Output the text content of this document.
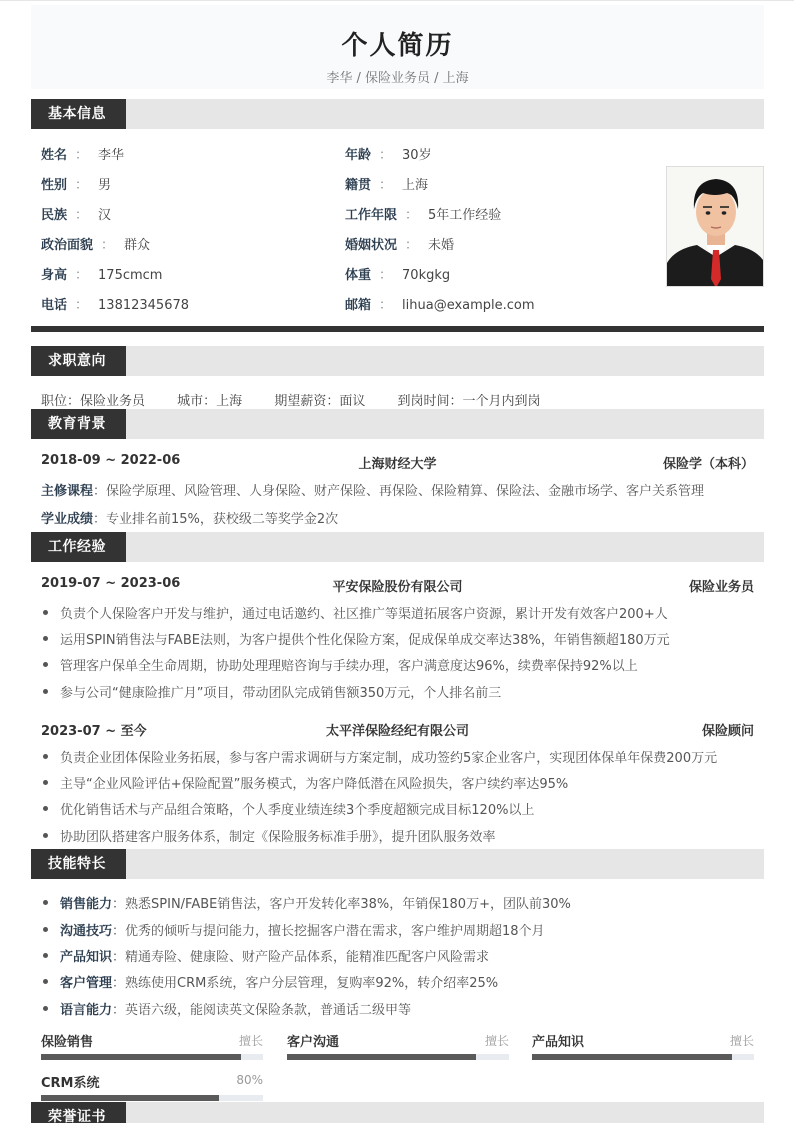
个人简历
李华 / 保险业务员 / 上海
基本信息
姓名 ： 李华
性别 ： 男
民族 ： 汉
政治面貌 ： 群众
身高 ： 175cmcm
电话 ： 13812345678
年龄 ： 30岁
籍贯 ： 上海
工作年限 ： 5年工作经验
婚姻状况 ： 未婚
体重 ： 70kgkg
邮箱 ： lihua@example.com
求职意向
职位：保险业务员 城市：上海 期望薪资：面议 到岗时间：一个月内到岗
教育背景
2018-09 ~ 2022-06	上海财经大学	保险学（本科）
主修课程：保险学原理、风险管理、人身保险、财产保险、再保险、保险精算、保险法、金融市场学、客户关系管理
学业成绩：专业排名前15%，获校级二等奖学金2次
工作经验
2019-07 ~ 2023-06	平安保险股份有限公司	保险业务员
负责个人保险客户开发与维护，通过电话邀约、社区推广等渠道拓展客户资源，累计开发有效客户200+人
运用SPIN销售法与FABE法则，为客户提供个性化保险方案，促成保单成交率达38%，年销售额超180万元
管理客户保单全生命周期，协助处理理赔咨询与手续办理，客户满意度达96%，续费率保持92%以上
参与公司“健康险推广月”项目，带动团队完成销售额350万元，个人排名前三
2023-07 ~ 至今	太平洋保险经纪有限公司	保险顾问
负责企业团体保险业务拓展，参与客户需求调研与方案定制，成功签约5家企业客户，实现团体保单年保费200万元
主导“企业风险评估+保险配置”服务模式，为客户降低潜在风险损失，客户续约率达95%
优化销售话术与产品组合策略，个人季度业绩连续3个季度超额完成目标120%以上
协助团队搭建客户服务体系，制定《保险服务标准手册》，提升团队服务效率
技能特长
销售能力：熟悉SPIN/FABE销售法，客户开发转化率38%，年销保180万+，团队前30%
沟通技巧：优秀的倾听与提问能力，擅长挖掘客户潜在需求，客户维护周期超18个月
产品知识：精通寿险、健康险、财产险产品体系，能精准匹配客户风险需求
客户管理：熟练使用CRM系统，客户分层管理，复购率92%，转介绍率25%
语言能力：英语六级，能阅读英文保险条款，普通话二级甲等
保险销售	擅长 客户沟通	擅长 产品知识	擅长
CRM系统	80%
荣誉证书
